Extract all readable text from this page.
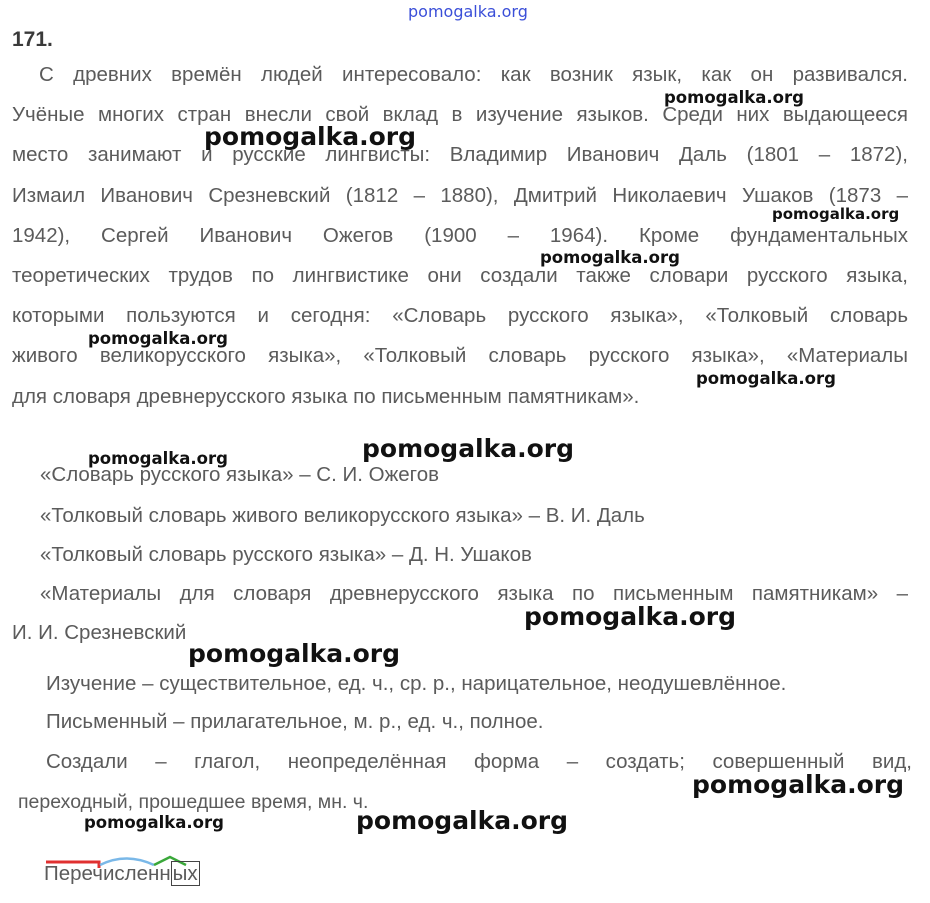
pomogalka.org
171.
С древних времён людей интересовало: как возник язык, как он развивался.
Учёные многих стран внесли свой вклад в изучение языков. Среди них выдающееся
место занимают и русские лингвисты: Владимир Иванович Даль (1801 – 1872),
Измаил Иванович Срезневский (1812 – 1880), Дмитрий Николаевич Ушаков (1873 –
1942), Сергей Иванович Ожегов (1900 – 1964). Кроме фундаментальных
теоретических трудов по лингвистике они создали также словари русского языка,
которыми пользуются и сегодня: «Словарь русского языка», «Толковый словарь
живого великорусского языка», «Толковый словарь русского языка», «Материалы
для словаря древнерусского языка по письменным памятникам».
«Словарь русского языка» – С. И. Ожегов
«Толковый словарь живого великорусского языка» – В. И. Даль
«Толковый словарь русского языка» – Д. Н. Ушаков
«Материалы для словаря древнерусского языка по письменным памятникам» –
И. И. Срезневский
Изучение – существительное, ед. ч., ср. р., нарицательное, неодушевлённое.
Письменный – прилагательное, м. р., ед. ч., полное.
Создали – глагол, неопределённая форма – создать; совершенный вид,
переходный, прошедшее время, мн. ч.
Перечисленных
pomogalka.org
pomogalka.org
pomogalka.org
pomogalka.org
pomogalka.org
pomogalka.org
pomogalka.org
pomogalka.org
pomogalka.org
pomogalka.org
pomogalka.org
pomogalka.org	pomogalka.org
